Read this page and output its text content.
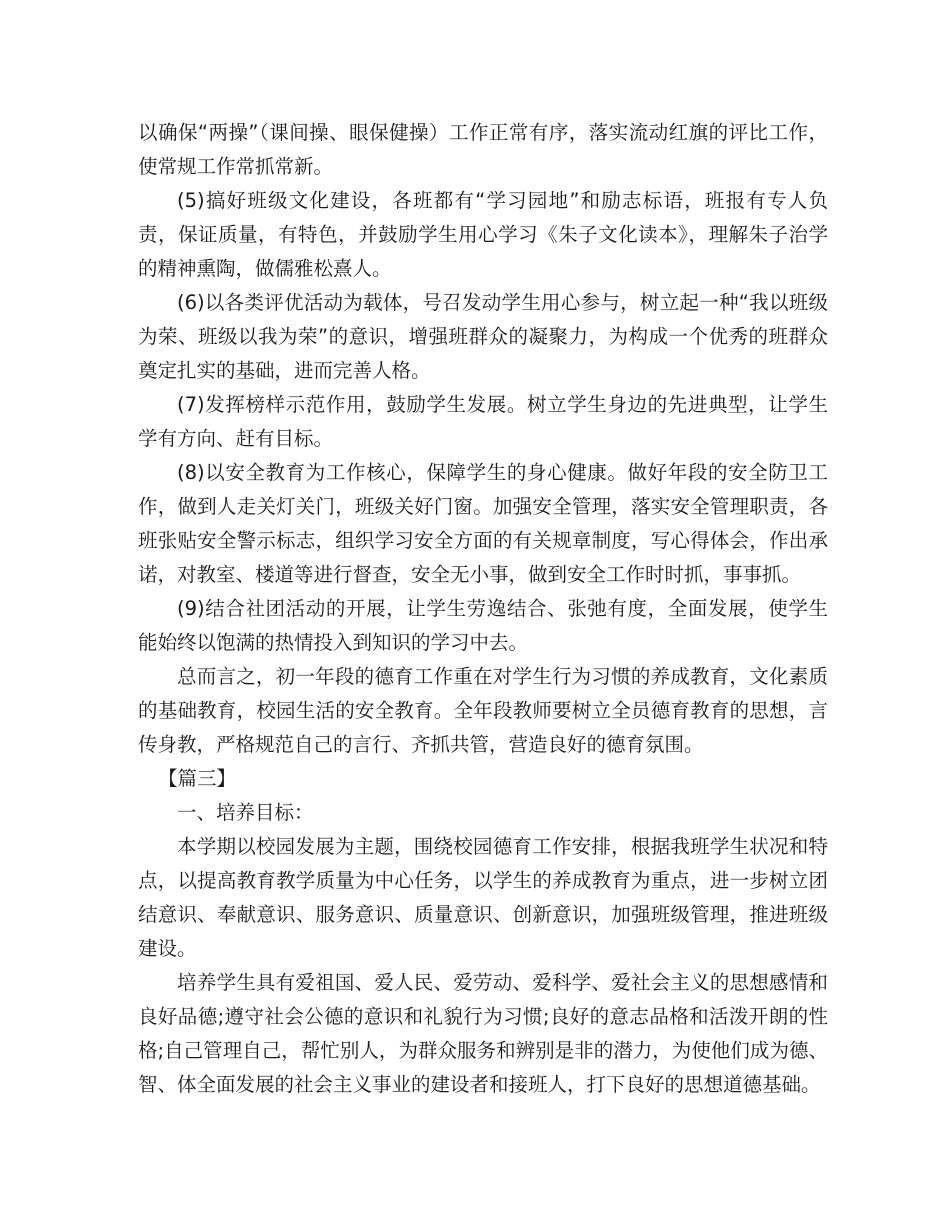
以确保“两操”（课间操、眼保健操）工作正常有序，落实流动红旗的评比工作，使常规工作常抓常新。

(5)搞好班级文化建设，各班都有“学习园地”和励志标语，班报有专人负责，保证质量，有特色，并鼓励学生用心学习《朱子文化读本》，理解朱子治学的精神熏陶，做儒雅松熹人。

(6)以各类评优活动为载体，号召发动学生用心参与，树立起一种“我以班级为荣、班级以我为荣”的意识，增强班群众的凝聚力，为构成一个优秀的班群众奠定扎实的基础，进而完善人格。

(7)发挥榜样示范作用，鼓励学生发展。树立学生身边的先进典型，让学生学有方向、赶有目标。

(8)以安全教育为工作核心，保障学生的身心健康。做好年段的安全防卫工作，做到人走关灯关门，班级关好门窗。加强安全管理，落实安全管理职责，各班张贴安全警示标志，组织学习安全方面的有关规章制度，写心得体会，作出承诺，对教室、楼道等进行督查，安全无小事，做到安全工作时时抓，事事抓。

(9)结合社团活动的开展，让学生劳逸结合、张弛有度，全面发展，使学生能始终以饱满的热情投入到知识的学习中去。

总而言之，初一年段的德育工作重在对学生行为习惯的养成教育，文化素质的基础教育，校园生活的安全教育。全年段教师要树立全员德育教育的思想，言传身教，严格规范自己的言行、齐抓共管，营造良好的德育氛围。

【篇三】

一、培养目标：

本学期以校园发展为主题，围绕校园德育工作安排，根据我班学生状况和特点，以提高教育教学质量为中心任务，以学生的养成教育为重点，进一步树立团结意识、奉献意识、服务意识、质量意识、创新意识，加强班级管理，推进班级建设。

培养学生具有爱祖国、爱人民、爱劳动、爱科学、爱社会主义的思想感情和良好品德;遵守社会公德的意识和礼貌行为习惯;良好的意志品格和活泼开朗的性格;自己管理自己，帮忙别人，为群众服务和辨别是非的潜力，为使他们成为德、智、体全面发展的社会主义事业的建设者和接班人，打下良好的思想道德基础。
